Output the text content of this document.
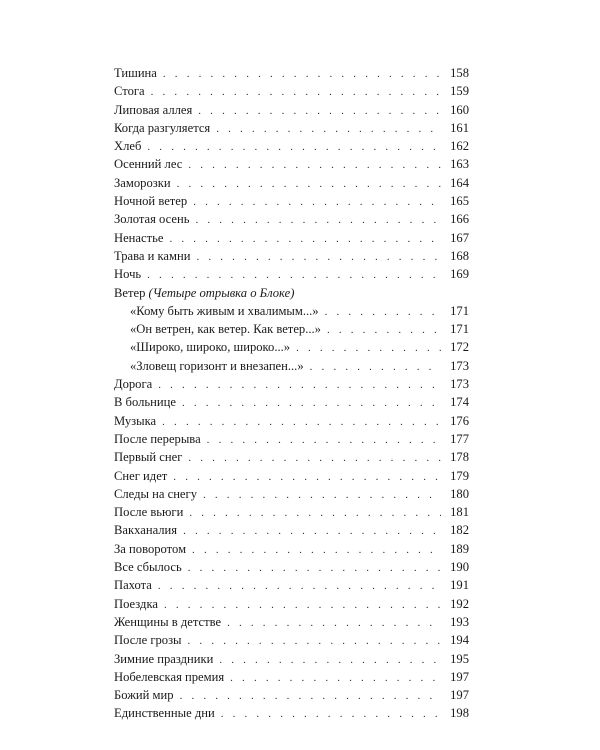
Тишина . . .	158
Стога . . .	159
Липовая аллея . . .	160
Когда разгуляется . . .	161
Хлеб . . .	162
Осенний лес . . .	163
Заморозки . . .	164
Ночной ветер . . .	165
Золотая осень . . .	166
Ненастье . . .	167
Трава и камни . . .	168
Ночь . . .	169
Ветер (Четыре отрывка о Блоке)
«Кому быть живым и хвалимым...» . . .	171
«Он ветрен, как ветер. Как ветер...» . . .	171
«Широко, широко, широко...» . . .	172
«Зловещ горизонт и внезапен...» . . .	173
Дорога . . .	173
В больнице . . .	174
Музыка . . .	176
После перерыва . . .	177
Первый снег . . .	178
Снег идет . . .	179
Следы на снегу . . .	180
После вьюги . . .	181
Вакханалия . . .	182
За поворотом . . .	189
Все сбылось . . .	190
Пахота . . .	191
Поездка . . .	192
Женщины в детстве . . .	193
После грозы . . .	194
Зимние праздники . . .	195
Нобелевская премия . . .	197
Божий мир . . .	197
Единственные дни . . .	198
